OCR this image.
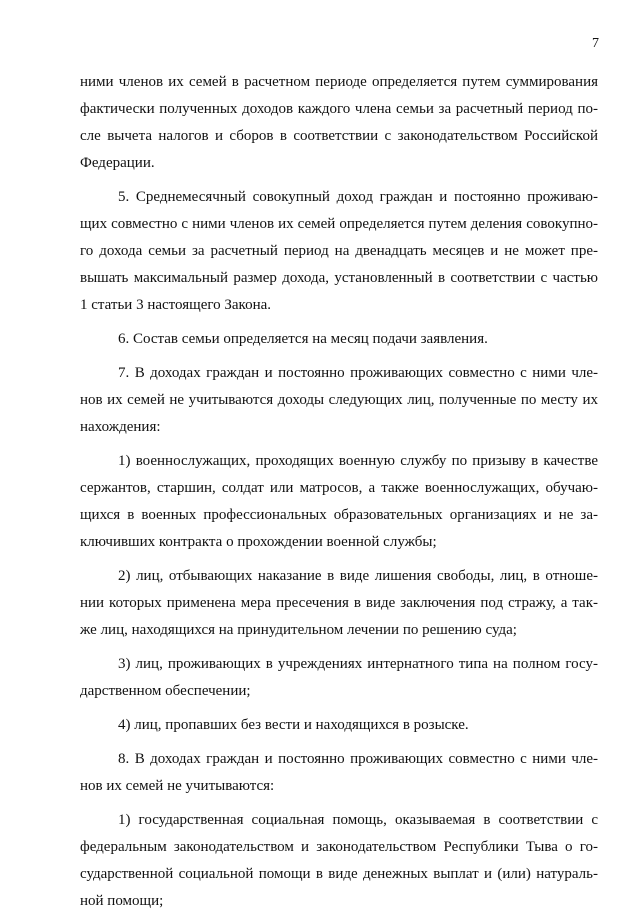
7
ними членов их семей в расчетном периоде определяется путем суммирования
фактически полученных доходов каждого члена семьи за расчетный период по-
сле вычета налогов и сборов в соответствии с законодательством Российской
Федерации.
5. Среднемесячный совокупный доход граждан и постоянно проживаю-
щих совместно с ними членов их семей определяется путем деления совокупно-
го дохода семьи за расчетный период на двенадцать месяцев и не может пре-
вышать максимальный размер дохода, установленный в соответствии с частью
1 статьи 3 настоящего Закона.
6. Состав семьи определяется на месяц подачи заявления.
7. В доходах граждан и постоянно проживающих совместно с ними чле-
нов их семей не учитываются доходы следующих лиц, полученные по месту их
нахождения:
1) военнослужащих, проходящих военную службу по призыву в качестве
сержантов, старшин, солдат или матросов, а также военнослужащих, обучаю-
щихся в военных профессиональных образовательных организациях и не за-
ключивших контракта о прохождении военной службы;
2) лиц, отбывающих наказание в виде лишения свободы, лиц, в отноше-
нии которых применена мера пресечения в виде заключения под стражу, а так-
же лиц, находящихся на принудительном лечении по решению суда;
3) лиц, проживающих в учреждениях интернатного типа на полном госу-
дарственном обеспечении;
4) лиц, пропавших без вести и находящихся в розыске.
8. В доходах граждан и постоянно проживающих совместно с ними чле-
нов их семей не учитываются:
1) государственная социальная помощь, оказываемая в соответствии с
федеральным законодательством и законодательством Республики Тыва о го-
сударственной социальной помощи в виде денежных выплат и (или) натураль-
ной помощи;
